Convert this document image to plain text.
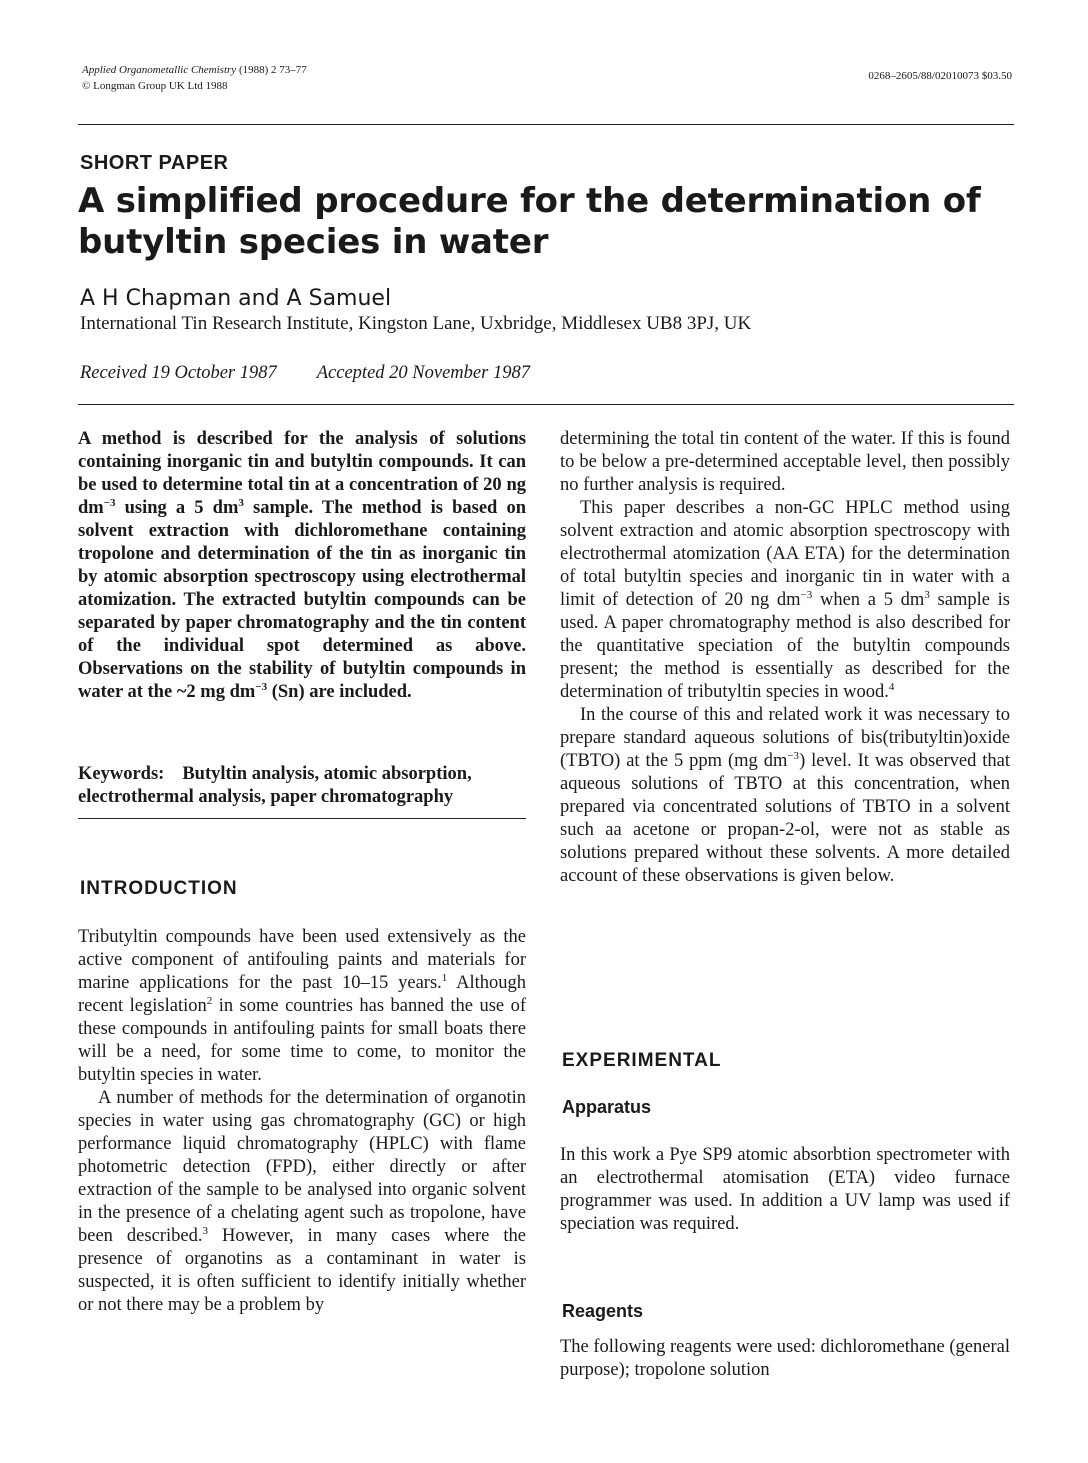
Applied Organometallic Chemistry (1988) 2 73–77
© Longman Group UK Ltd 1988
0268–2605/88/02010073 $03.50
SHORT PAPER
A simplified procedure for the determination of butyltin species in water
A H Chapman and A Samuel
International Tin Research Institute, Kingston Lane, Uxbridge, Middlesex UB8 3PJ, UK
Received 19 October 1987 Accepted 20 November 1987
A method is described for the analysis of solutions containing inorganic tin and butyltin compounds. It can be used to determine total tin at a concentration of 20 ng $dm^{-3}$ using a 5 $dm^3$ sample. The method is based on solvent extraction with dichloromethane containing tropolone and determination of the tin as inorganic tin by atomic absorption spectroscopy using electrothermal atomization. The extracted butyltin compounds can be separated by paper chromatography and the tin content of the individual spot determined as above. Observations on the stability of butyltin compounds in water at the ~2 mg $dm^{-3}$ (Sn) are included.
Keywords: Butyltin analysis, atomic absorption, electrothermal analysis, paper chromatography
INTRODUCTION

Tributyltin compounds have been used extensively as the active component of antifouling paints and materials for marine applications for the past 10–15 years.$^1$ Although recent legislation$^2$ in some countries has banned the use of these compounds in antifouling paints for small boats there will be a need, for some time to come, to monitor the butyltin species in water.

A number of methods for the determination of organotin species in water using gas chromatography (GC) or high performance liquid chromatography (HPLC) with flame photometric detection (FPD), either directly or after extraction of the sample to be analysed into organic solvent in the presence of a chelating agent such as tropolone, have been described.$^3$ However, in many cases where the presence of organotins as a contaminant in water is suspected, it is often sufficient to identify initially whether or not there may be a problem by

determining the total tin content of the water. If this is found to be below a pre-determined acceptable level, then possibly no further analysis is required.

This paper describes a non-GC HPLC method using solvent extraction and atomic absorption spectroscopy with electrothermal atomization (AA ETA) for the determination of total butyltin species and inorganic tin in water with a limit of detection of 20 ng $dm^{-3}$ when a 5 $dm^3$ sample is used. A paper chromatography method is also described for the quantitative speciation of the butyltin compounds present; the method is essentially as described for the determination of tributyltin species in wood.$^4$

In the course of this and related work it was necessary to prepare standard aqueous solutions of bis(tributyltin)oxide (TBTO) at the 5 ppm (mg $dm^{-3}$) level. It was observed that aqueous solutions of TBTO at this concentration, when prepared via concentrated solutions of TBTO in a solvent such aa acetone or propan-2-ol, were not as stable as solutions prepared without these solvents. A more detailed account of these observations is given below.

EXPERIMENTAL
Apparatus

In this work a Pye SP9 atomic absorbtion spectrometer with an electrothermal atomisation (ETA) video furnace programmer was used. In addition a UV lamp was used if speciation was required.

Reagents

The following reagents were used: dichloromethane (general purpose); tropolone solution
